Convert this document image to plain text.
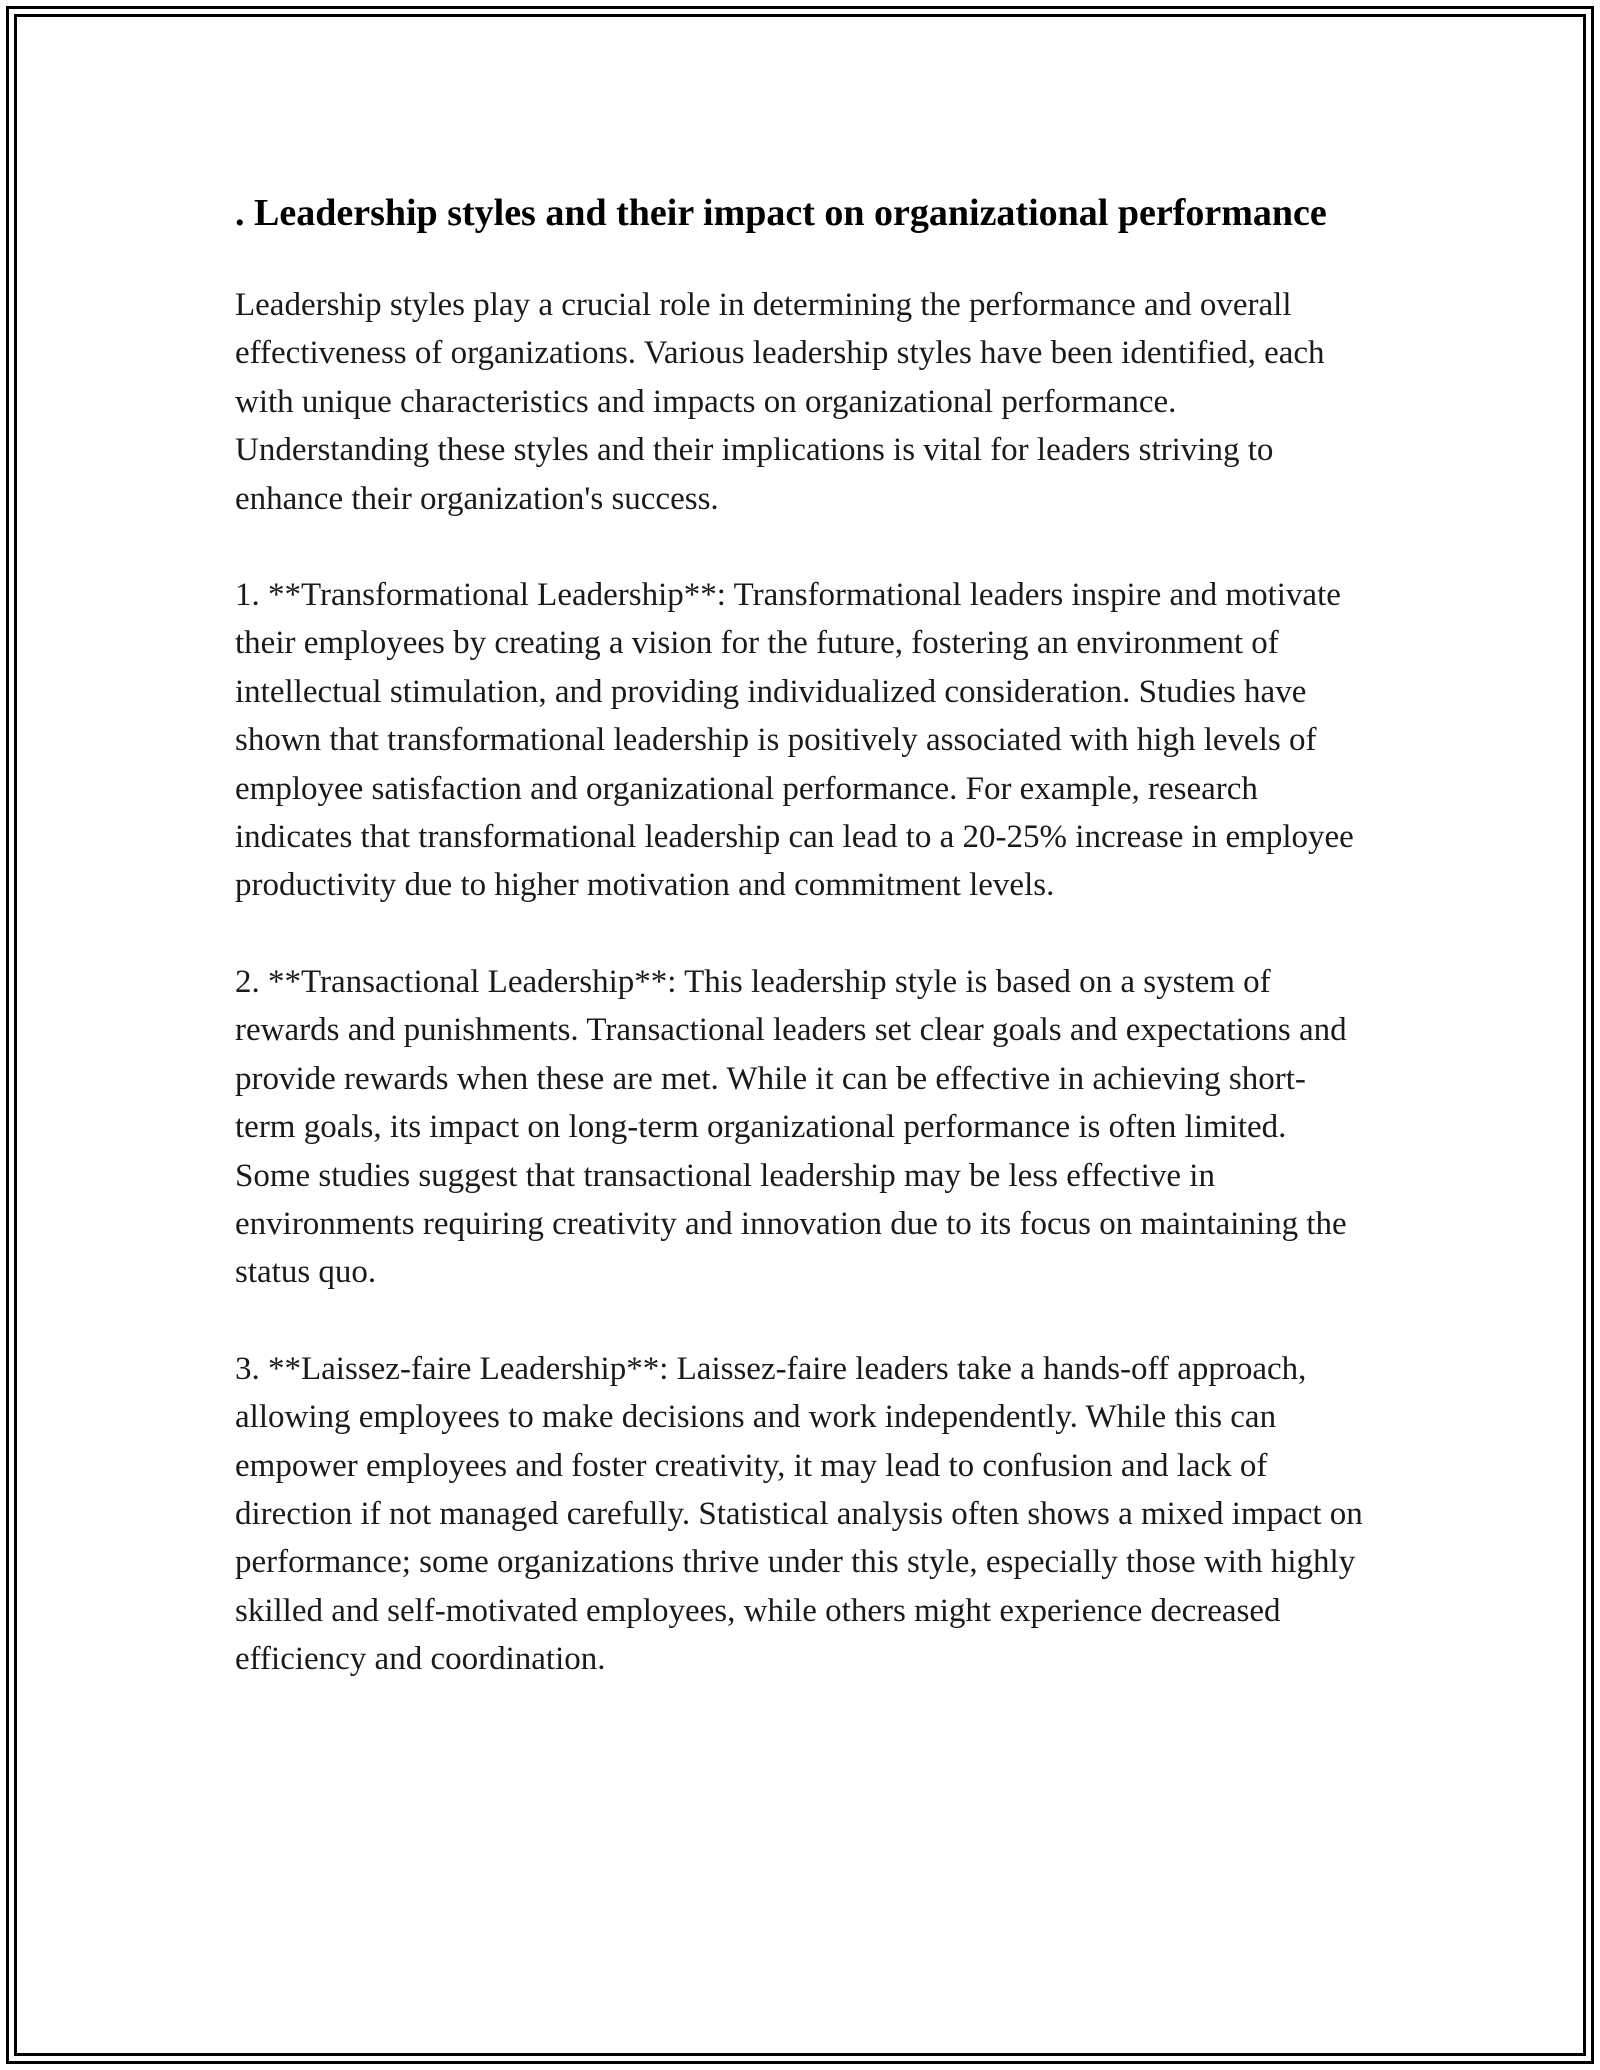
. Leadership styles and their impact on organizational performance

Leadership styles play a crucial role in determining the performance and overall effectiveness of organizations. Various leadership styles have been identified, each with unique characteristics and impacts on organizational performance. Understanding these styles and their implications is vital for leaders striving to enhance their organization's success.

1. **Transformational Leadership**: Transformational leaders inspire and motivate their employees by creating a vision for the future, fostering an environment of intellectual stimulation, and providing individualized consideration. Studies have shown that transformational leadership is positively associated with high levels of employee satisfaction and organizational performance. For example, research indicates that transformational leadership can lead to a 20-25% increase in employee productivity due to higher motivation and commitment levels.

2. **Transactional Leadership**: This leadership style is based on a system of rewards and punishments. Transactional leaders set clear goals and expectations and provide rewards when these are met. While it can be effective in achieving short-term goals, its impact on long-term organizational performance is often limited. Some studies suggest that transactional leadership may be less effective in environments requiring creativity and innovation due to its focus on maintaining the status quo.

3. **Laissez-faire Leadership**: Laissez-faire leaders take a hands-off approach, allowing employees to make decisions and work independently. While this can empower employees and foster creativity, it may lead to confusion and lack of direction if not managed carefully. Statistical analysis often shows a mixed impact on performance; some organizations thrive under this style, especially those with highly skilled and self-motivated employees, while others might experience decreased efficiency and coordination.
